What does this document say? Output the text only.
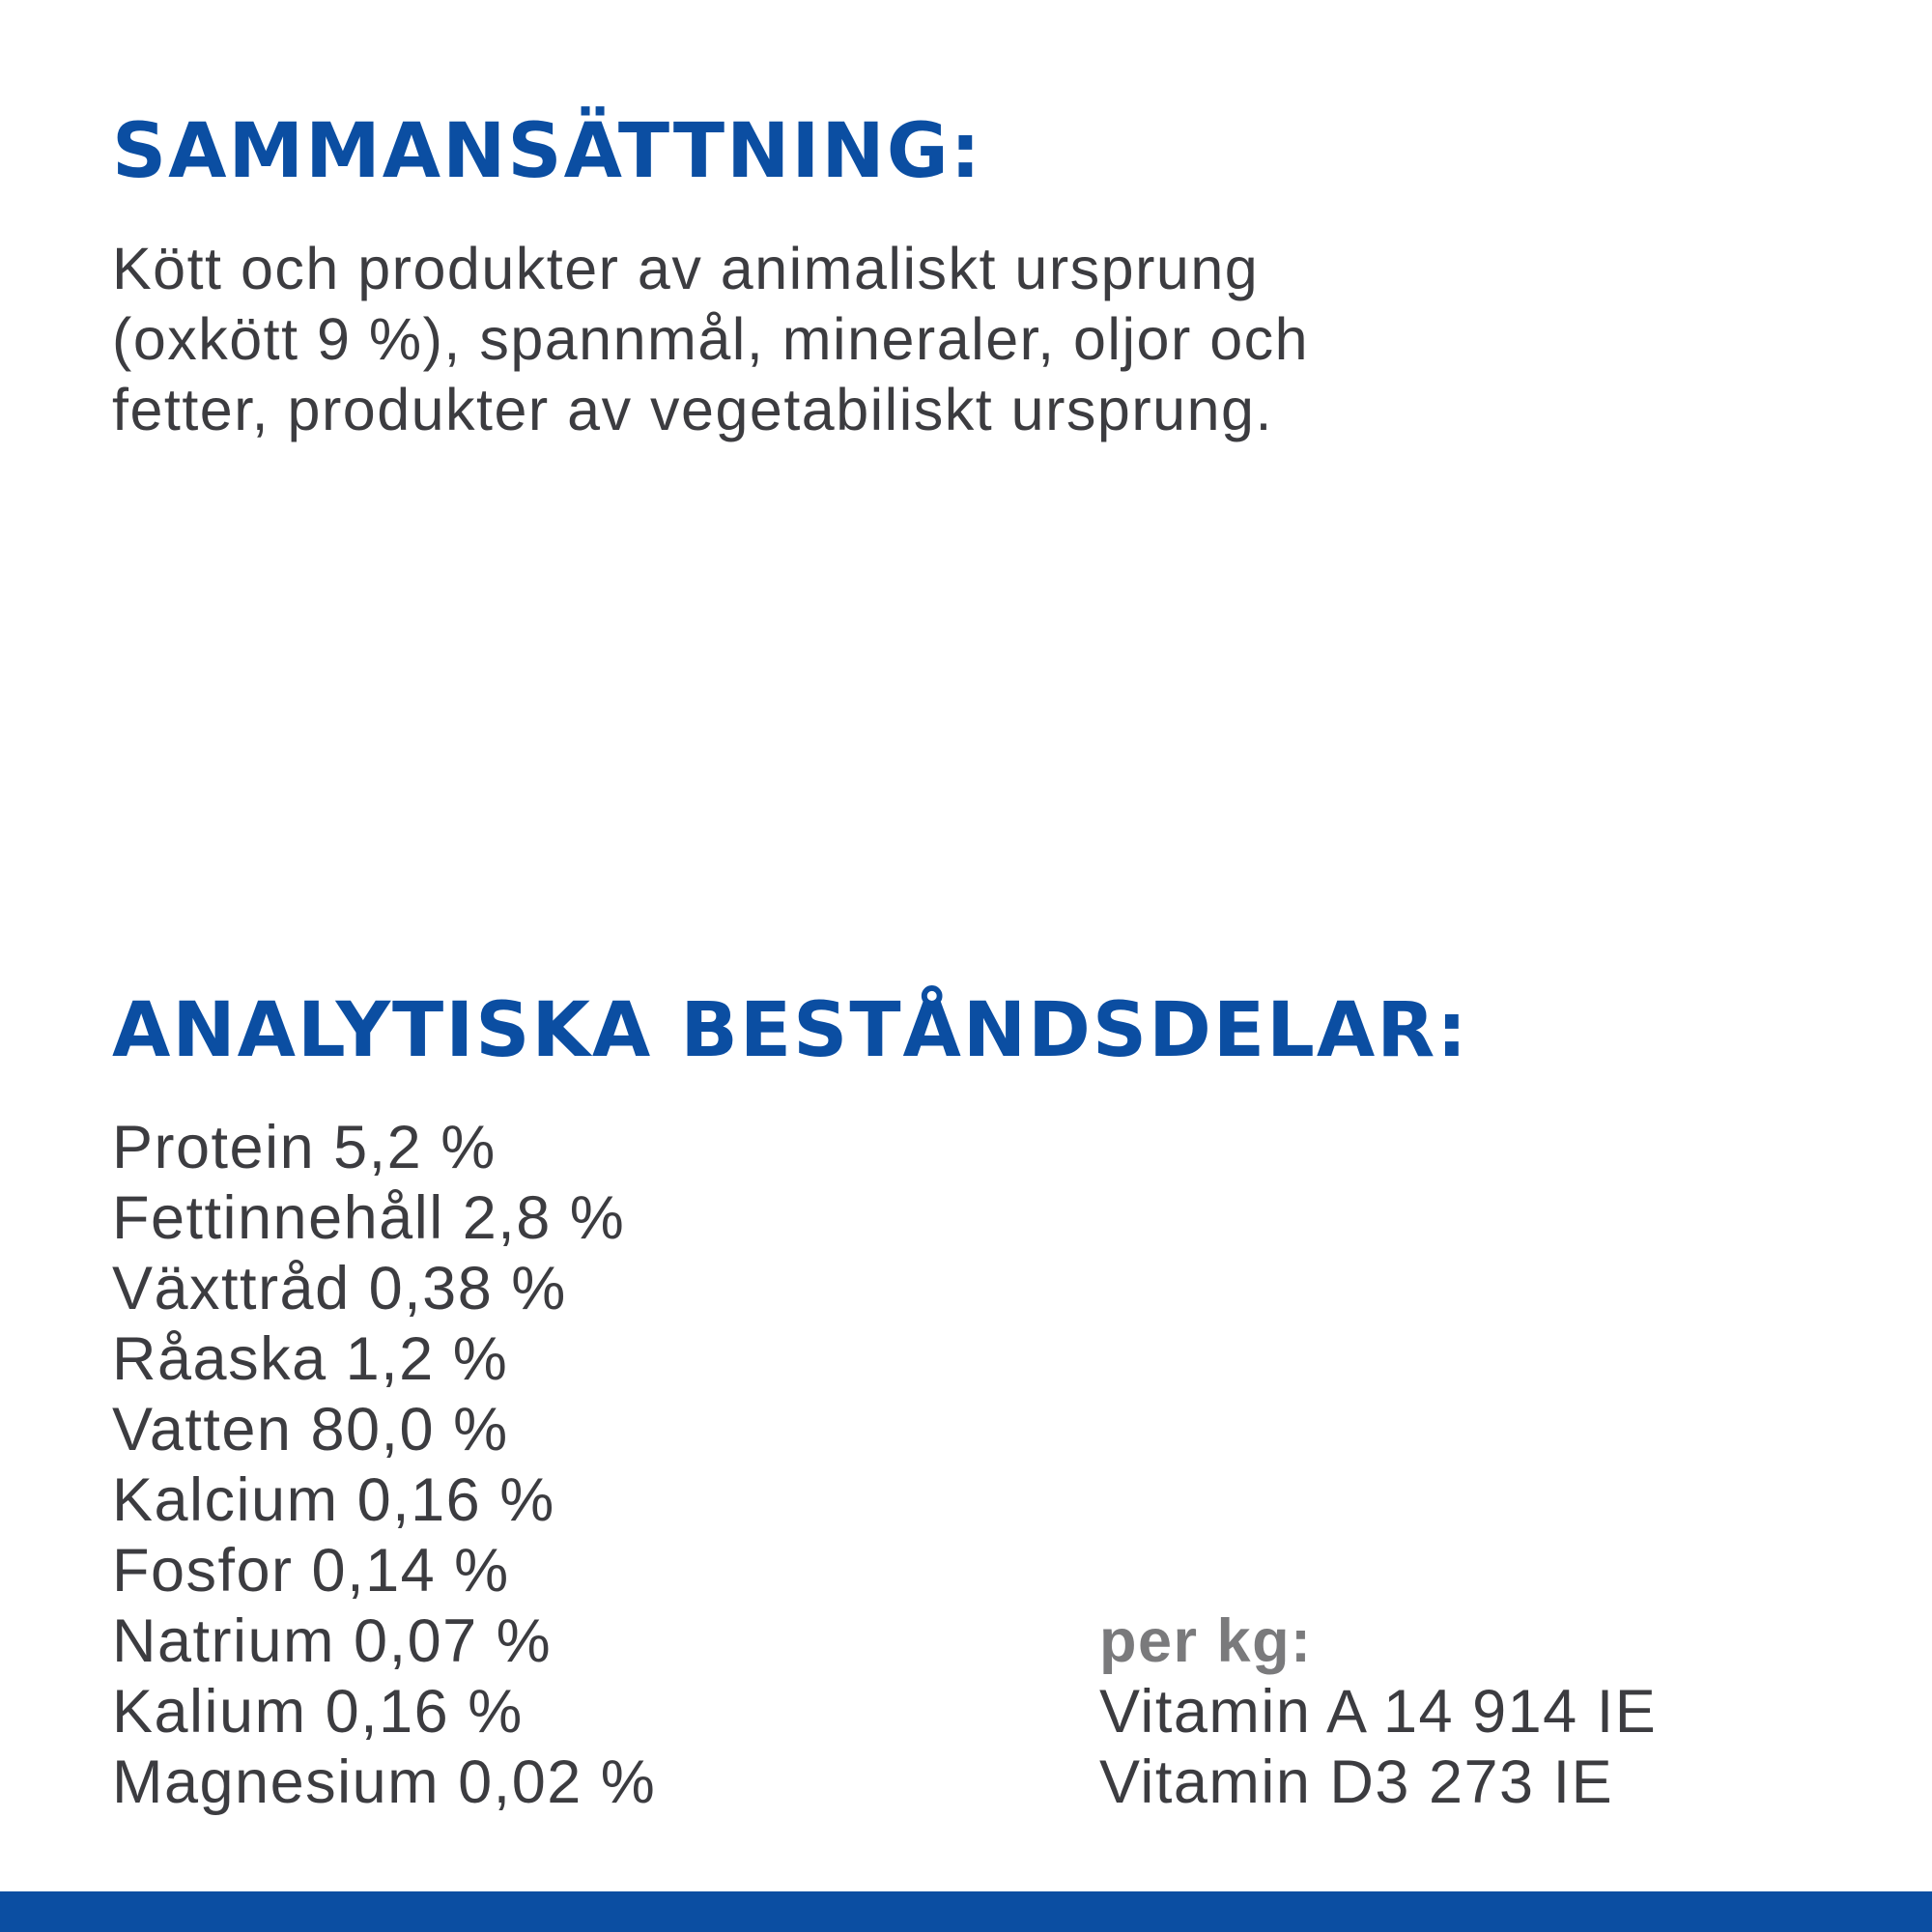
SAMMANSÄTTNING:

Kött och produkter av animaliskt ursprung
(oxkött 9 %), spannmål, mineraler, oljor och
fetter, produkter av vegetabiliskt ursprung.

ANALYTISKA BESTÅNDSDELAR:
Protein 5,2 %
Fettinnehåll 2,8 %
Växttråd 0,38 %
Råaska 1,2 %
Vatten 80,0 %
Kalcium 0,16 %
Fosfor 0,14 %
Natrium 0,07 %
Kalium 0,16 %
Magnesium 0,02 %
per kg:
Vitamin A 14 914 IE
Vitamin D3 273 IE
